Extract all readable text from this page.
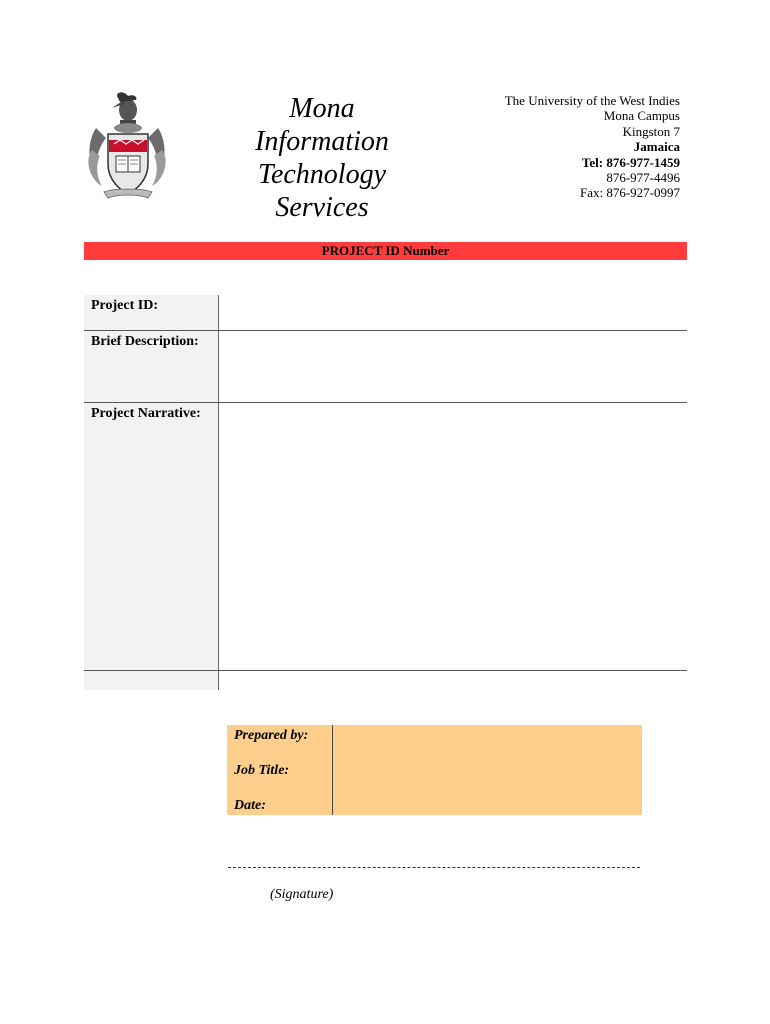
Mona
Information
Technology
Services
The University of the West Indies
Mona Campus
Kingston 7
Jamaica
Tel: 876-977-1459
876-977-4496
Fax: 876-927-0997
PROJECT ID Number
Project ID:
Brief Description:
Project Narrative:
Prepared by:
Job Title:
Date:
(Signature)
